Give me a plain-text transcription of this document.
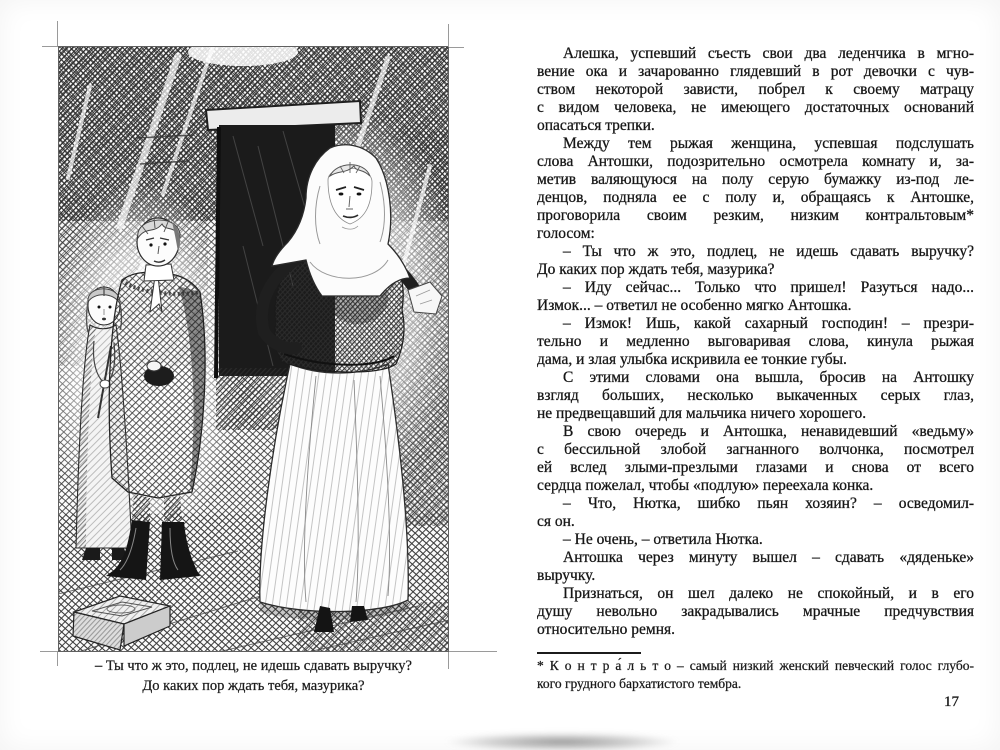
– Ты что ж это, подлец, не идешь сдавать выручку?
До каких пор ждать тебя, мазурика?
Алешка, успевший съесть свои два леденчика в мгно-
вение ока и зачарованно глядевший в рот девочки с чув-
ством некоторой зависти, побрел к своему матрацу
с видом человека, не имеющего достаточных оснований
опасаться трепки.
Между тем рыжая женщина, успевшая подслушать
слова Антошки, подозрительно осмотрела комнату и, за-
метив валяющуюся на полу серую бумажку из-под ле-
денцов, подняла ее с полу и, обращаясь к Антошке,
проговорила своим резким, низким контральтовым*
голосом:
– Ты что ж это, подлец, не идешь сдавать выручку?
До каких пор ждать тебя, мазурика?
– Иду сейчас... Только что пришел! Разуться надо...
Измок... – ответил не особенно мягко Антошка.
– Измок! Ишь, какой сахарный господин! – презри-
тельно и медленно выговаривая слова, кинула рыжая
дама, и злая улыбка искривила ее тонкие губы.
С этими словами она вышла, бросив на Антошку
взгляд больших, несколько выкаченных серых глаз,
не предвещавший для мальчика ничего хорошего.
В свою очередь и Антошка, ненавидевший «ведьму»
с бессильной злобой загнанного волчонка, посмотрел
ей вслед злыми-презлыми глазами и снова от всего
сердца пожелал, чтобы «подлую» переехала конка.
– Что, Нютка, шибко пьян хозяин? – осведомил-
ся он.
– Не очень, – ответила Нютка.
Антошка через минуту вышел – сдавать «дяденьке»
выручку.
Признаться, он шел далеко не спокойный, и в его
душу невольно закрадывались мрачные предчувствия
относительно ремня.
* К о н т р а́ л ь т о – самый низкий женский певческий голос глубо-
кого грудного бархатистого тембра.
17
